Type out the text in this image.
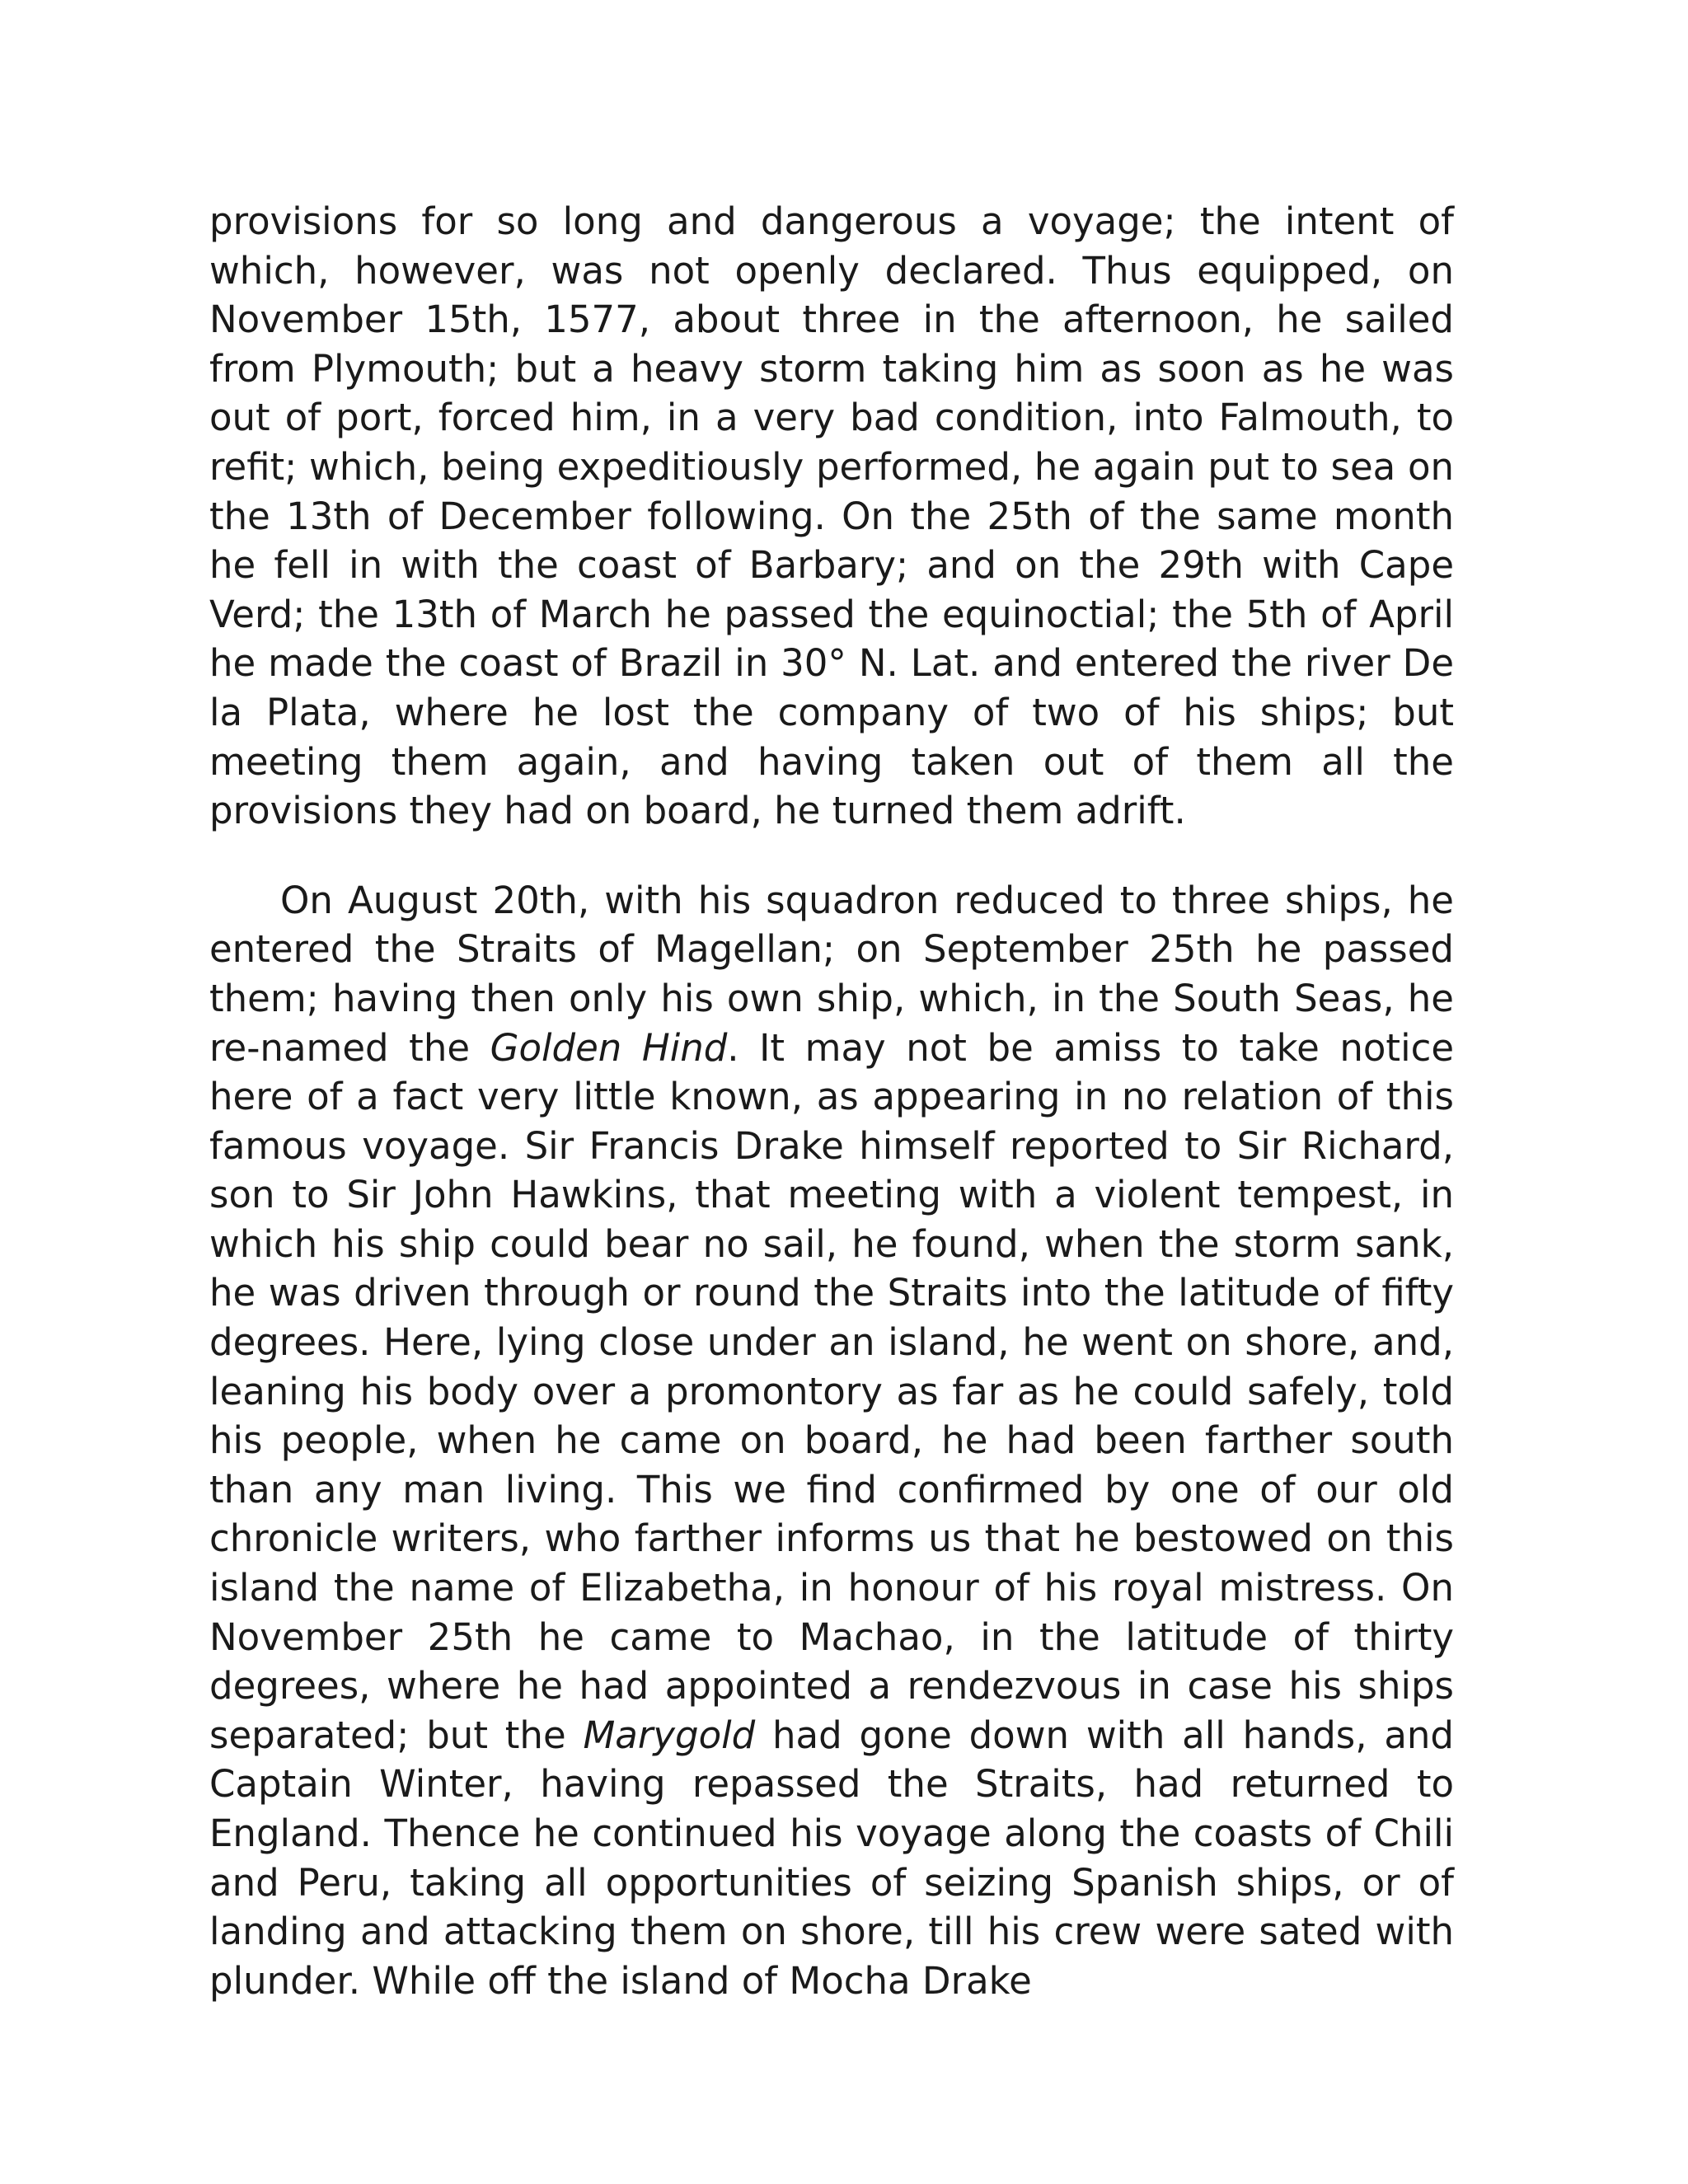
provisions for so long and dangerous a voyage; the intent of which, however, was not openly declared. Thus equipped, on November 15th, 1577, about three in the afternoon, he sailed from Plymouth; but a heavy storm taking him as soon as he was out of port, forced him, in a very bad condition, into Falmouth, to refit; which, being expeditiously performed, he again put to sea on the 13th of December following. On the 25th of the same month he fell in with the coast of Barbary; and on the 29th with Cape Verd; the 13th of March he passed the equinoctial; the 5th of April he made the coast of Brazil in 30° N. Lat. and entered the river De la Plata, where he lost the company of two of his ships; but meeting them again, and having taken out of them all the provisions they had on board, he turned them adrift.

On August 20th, with his squadron reduced to three ships, he entered the Straits of Magellan; on September 25th he passed them; having then only his own ship, which, in the South Seas, he re-named the Golden Hind. It may not be amiss to take notice here of a fact very little known, as appearing in no relation of this famous voyage. Sir Francis Drake himself reported to Sir Richard, son to Sir John Hawkins, that meeting with a violent tempest, in which his ship could bear no sail, he found, when the storm sank, he was driven through or round the Straits into the latitude of fifty degrees. Here, lying close under an island, he went on shore, and, leaning his body over a promontory as far as he could safely, told his people, when he came on board, he had been farther south than any man living. This we find confirmed by one of our old chronicle writers, who farther informs us that he bestowed on this island the name of Elizabetha, in honour of his royal mistress. On November 25th he came to Machao, in the latitude of thirty degrees, where he had appointed a rendezvous in case his ships separated; but the Marygold had gone down with all hands, and Captain Winter, having repassed the Straits, had returned to England. Thence he continued his voyage along the coasts of Chili and Peru, taking all opportunities of seizing Spanish ships, or of landing and attacking them on shore, till his crew were sated with plunder. While off the island of Mocha Drake
